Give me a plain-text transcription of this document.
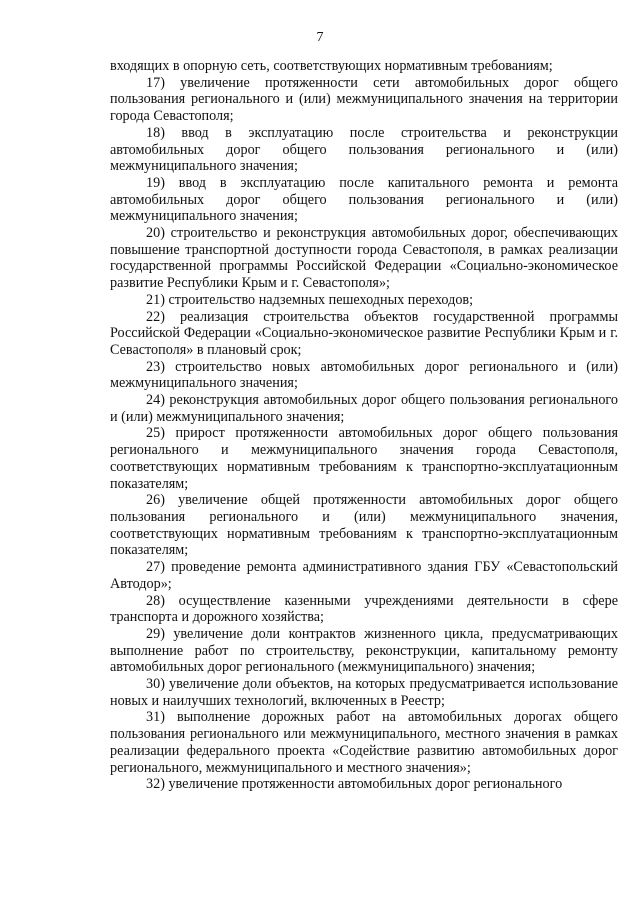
7

входящих в опорную сеть, соответствующих нормативным требованиям;

17) увеличение протяженности сети автомобильных дорог общего пользования регионального и (или) межмуниципального значения на территории города Севастополя;

18) ввод в эксплуатацию после строительства и реконструкции автомобильных дорог общего пользования регионального и (или) межмуниципального значения;

19) ввод в эксплуатацию после капитального ремонта и ремонта автомобильных дорог общего пользования регионального и (или) межмуниципального значения;

20) строительство и реконструкция автомобильных дорог, обеспечивающих повышение транспортной доступности города Севастополя, в рамках реализации государственной программы Российской Федерации «Социально-экономическое развитие Республики Крым и г. Севастополя»;

21) строительство надземных пешеходных переходов;

22) реализация строительства объектов государственной программы Российской Федерации «Социально-экономическое развитие Республики Крым и г. Севастополя» в плановый срок;

23) строительство новых автомобильных дорог регионального и (или) межмуниципального значения;

24) реконструкция автомобильных дорог общего пользования регионального и (или) межмуниципального значения;

25) прирост протяженности автомобильных дорог общего пользования регионального и межмуниципального значения города Севастополя, соответствующих нормативным требованиям к транспортно-эксплуатационным показателям;

26) увеличение общей протяженности автомобильных дорог общего пользования регионального и (или) межмуниципального значения, соответствующих нормативным требованиям к транспортно-эксплуатационным показателям;

27) проведение ремонта административного здания ГБУ «Севастопольский Автодор»;

28) осуществление казенными учреждениями деятельности в сфере транспорта и дорожного хозяйства;

29) увеличение доли контрактов жизненного цикла, предусматривающих выполнение работ по строительству, реконструкции, капитальному ремонту автомобильных дорог регионального (межмуниципального) значения;

30) увеличение доли объектов, на которых предусматривается использование новых и наилучших технологий, включенных в Реестр;

31) выполнение дорожных работ на автомобильных дорогах общего пользования регионального или межмуниципального, местного значения в рамках реализации федерального проекта «Содействие развитию автомобильных дорог регионального, межмуниципального и местного значения»;

32) увеличение протяженности автомобильных дорог регионального
